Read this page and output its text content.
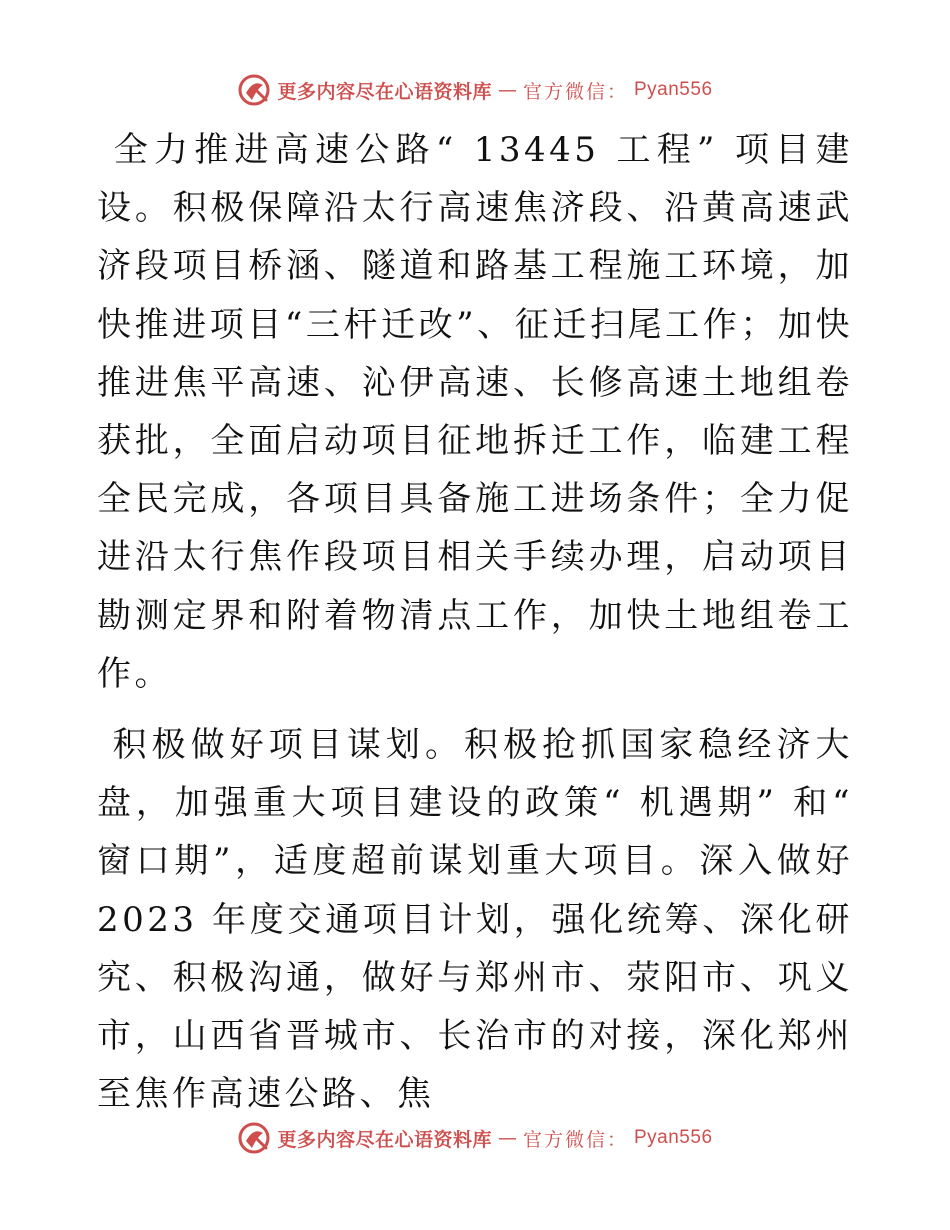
更多内容尽在心语资料库 — 官方微信： Pyan556

全力推进高速公路“ 13445 工程” 项目建设。积极保障沿太行高速焦济段、沿黄高速武济段项目桥涵、隧道和路基工程施工环境，加快推进项目“三杆迁改”、征迁扫尾工作；加快推进焦平高速、沁伊高速、长修高速土地组卷获批，全面启动项目征地拆迁工作，临建工程全民完成，各项目具备施工进场条件；全力促进沿太行焦作段项目相关手续办理，启动项目勘测定界和附着物清点工作，加快土地组卷工作。

积极做好项目谋划。积极抢抓国家稳经济大盘，加强重大项目建设的政策“ 机遇期” 和“ 窗口期”，适度超前谋划重大项目。深入做好 2023 年度交通项目计划，强化统筹、深化研究、积极沟通，做好与郑州市、荥阳市、巩义市，山西省晋城市、长治市的对接，深化郑州至焦作高速公路、焦

更多内容尽在心语资料库 — 官方微信： Pyan556
